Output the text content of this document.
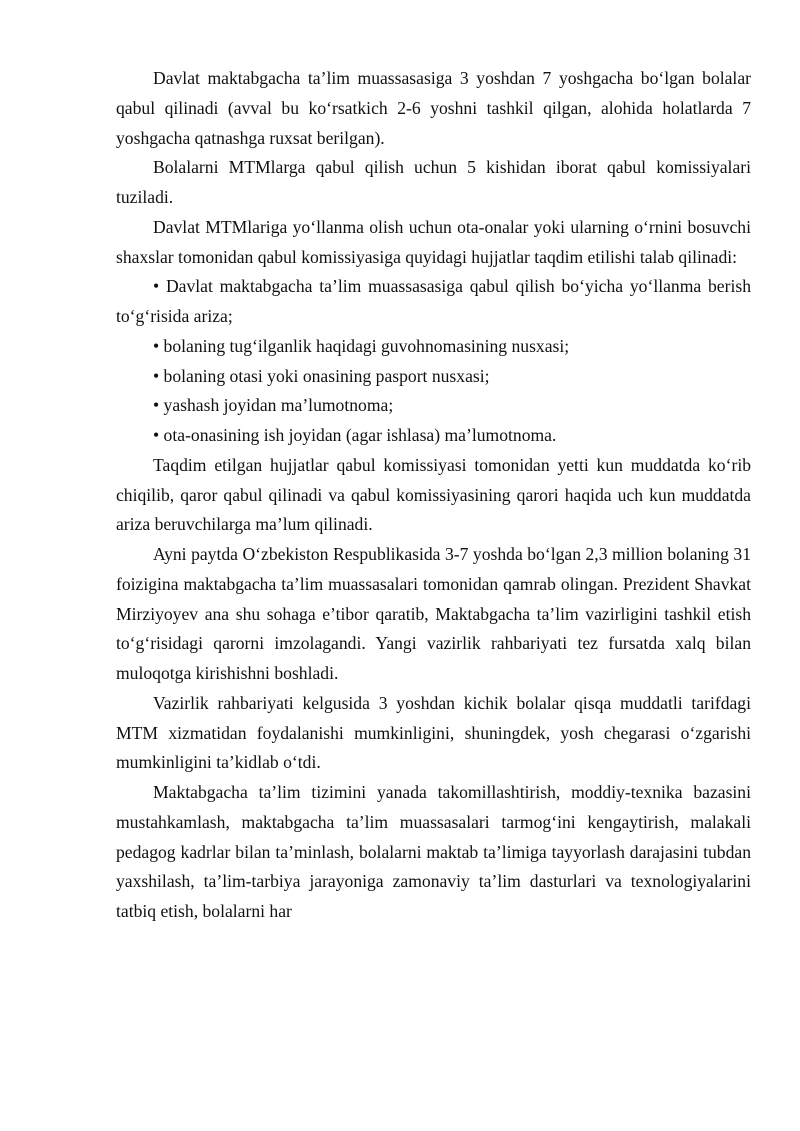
Davlat maktabgacha ta’lim muassasasiga 3 yoshdan 7 yoshgacha bo‘lgan bolalar qabul qilinadi (avval bu ko‘rsatkich 2-6 yoshni tashkil qilgan, alohida holatlarda 7 yoshgacha qatnashga ruxsat berilgan).

Bolalarni MTMlarga qabul qilish uchun 5 kishidan iborat qabul komissiyalari tuziladi.

Davlat MTMlariga yo‘llanma olish uchun ota-onalar yoki ularning o‘rnini bosuvchi shaxslar tomonidan qabul komissiyasiga quyidagi hujjatlar taqdim etilishi talab qilinadi:

• Davlat maktabgacha ta’lim muassasasiga qabul qilish bo‘yicha yo‘llanma berish to‘g‘risida ariza;

• bolaning tug‘ilganlik haqidagi guvohnomasining nusxasi;

• bolaning otasi yoki onasining pasport nusxasi;

• yashash joyidan ma’lumotnoma;

• ota-onasining ish joyidan (agar ishlasa) ma’lumotnoma.

Taqdim etilgan hujjatlar qabul komissiyasi tomonidan yetti kun muddatda ko‘rib chiqilib, qaror qabul qilinadi va qabul komissiyasining qarori haqida uch kun muddatda ariza beruvchilarga ma’lum qilinadi.

Ayni paytda O‘zbekiston Respublikasida 3-7 yoshda bo‘lgan 2,3 million bolaning 31 foizigina maktabgacha ta’lim muassasalari tomonidan qamrab olingan. Prezident Shavkat Mirziyoyev ana shu sohaga e’tibor qaratib, Maktabgacha ta’lim vazirligini tashkil etish to‘g‘risidagi qarorni imzolagandi. Yangi vazirlik rahbariyati tez fursatda xalq bilan muloqotga kirishishni boshladi.

Vazirlik rahbariyati kelgusida 3 yoshdan kichik bolalar qisqa muddatli tarifdagi MTM xizmatidan foydalanishi mumkinligini, shuningdek, yosh chegarasi o‘zgarishi mumkinligini ta’kidlab o‘tdi.

Maktabgacha ta’lim tizimini yanada takomillashtirish, moddiy-texnika bazasini mustahkamlash, maktabgacha ta’lim muassasalari tarmog‘ini kengaytirish, malakali pedagog kadrlar bilan ta’minlash, bolalarni maktab ta’limiga tayyorlash darajasini tubdan yaxshilash, ta’lim-tarbiya jarayoniga zamonaviy ta’lim dasturlari va texnologiyalarini tatbiq etish, bolalarni har
